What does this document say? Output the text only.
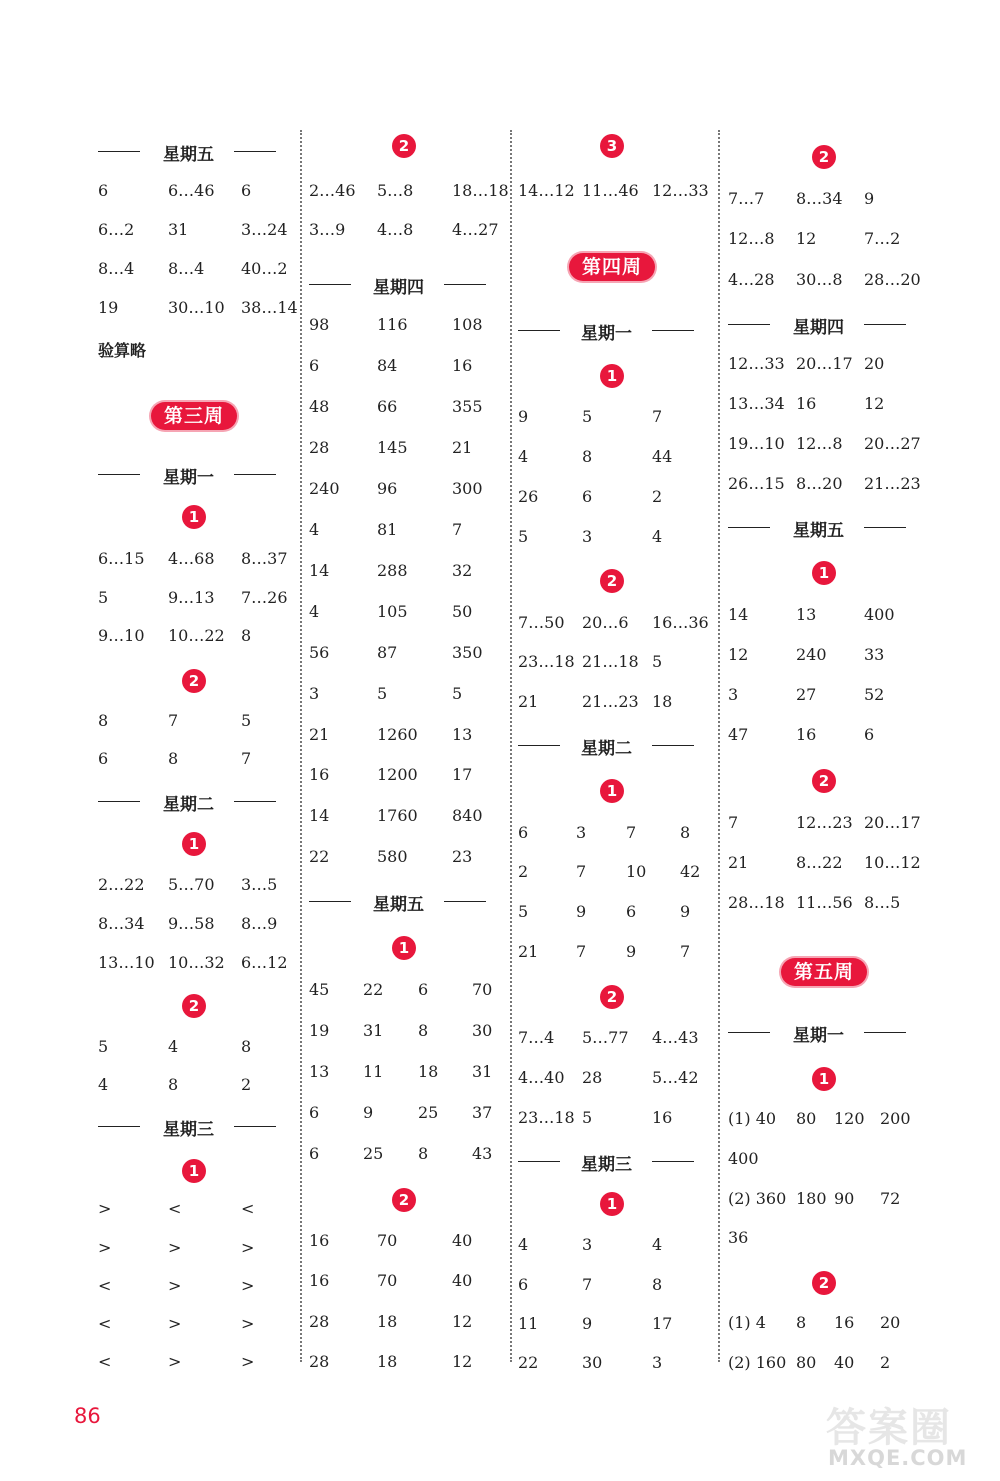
星期五
6	6…46 6
6…2 31	3…24
8…4 8…4 40…2
19	30…10 38…14
验算略
第三周
星期一
1
6…15 4…68 8…37
5	9…13 7…26
9…10 10…22 8
2
8	7	5
6	8	7
星期二
1
2…22 5…70 3…5
8…34 9…58 8…9
13…10 10…32 6…12
2
5	4	8
4	8	2
星期三
1
>	<	<
>	>	>
<	>	>
<	>	>
<	>	>
2
2…46 5…8 18…18
3…9 4…8 4…27
星期四
98	116	108
6	84	16
48	66	355
28	145	21
240 96	300
4	81	7
14	288	32
4	105	50
56	87	350
3	5	5
21	1260 13
16	1200 17
14	1760 840
22	580	23
星期五
1
45 22 6	70
19 31 8	30
13 11 18 31
6	9	25 37
6	25 8	43
2
16	70	40
16	70	40
28	18	12
28	18	12
3
14…12 11…46 12…33
第四周
星期一
1
9	5	7
4	8	44
26	6	2
5	3	4
2
7…50 20…6 16…36
23…18 21…18 5
21	21…23 18
星期二
1
6	3 7	8
2	7 10 42
5	9 6	9
21 7 9	7
2
7…4 5…77 4…43
4…40 28	5…42
23…18 5	16
星期三
1
4	3	4
6	7	8
11	9	17
22	30	3
2
7…7 8…34 9
12…8 12	7…2
4…28 30…8 28…20
星期四
12…33 20…17 20
13…34 16	12
19…10 12…8 20…27
26…15 8…20 21…23
星期五
1
14	13	400
12	240 33
3	27	52
47	16	6
2
7	12…23 20…17
21	8…22 10…12
28…18 11…56 8…5
第五周
星期一
1
(1) 40 80 120 200
400
(2) 360 180 90 72
36
2
(1) 4 8 16 20
(2) 160 80 40 2
86	答案圈
MXQE.COM
